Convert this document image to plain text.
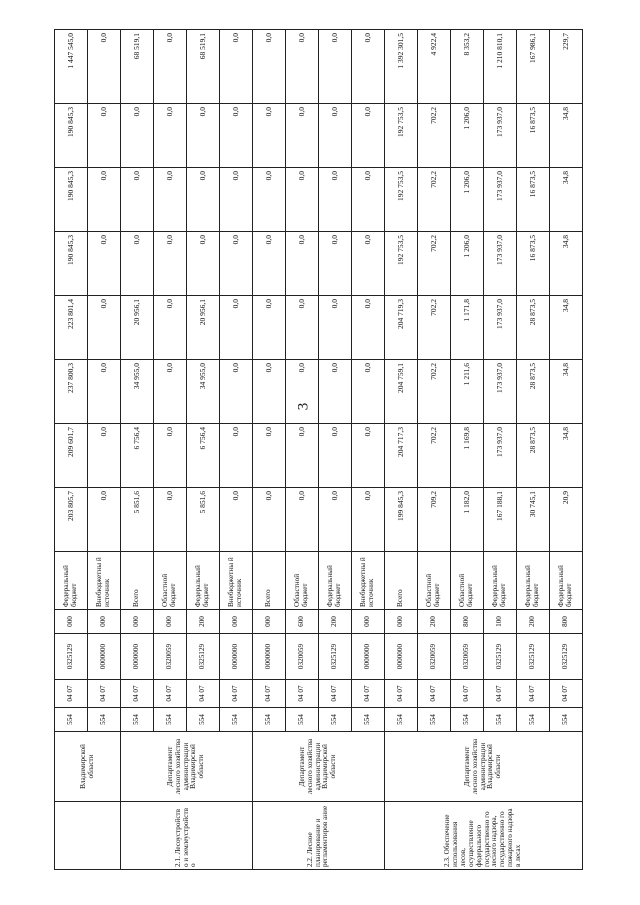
3
	Владимирской области	554	04 07	0325129	000	Федеральный бюджет	203 805,7	209 601,7	237 800,3	223 801,4	190 845,3	190 845,3	190 845,3	1 447 545,0
		554	04 07	0000000	000	Внебюджетны й источник	0,0	0,0	0,0	0,0	0,0	0,0	0,0	0,0
2.1. Лесоустройств о и землеустройств о	Департамент лесного хозяйства администрации Владимирской области	554	04 07	0000000	000	Всего	5 851,6	6 756,4	34 955,0	20 956,1	0,0	0,0	0,0	68 519,1
		554	04 07	0320059	000	Областной бюджет	0,0	0,0	0,0	0,0	0,0	0,0	0,0	0,0
		554	04 07	0325129	200	Федеральный бюджет	5 851,6	6 756,4	34 955,0	20 956,1	0,0	0,0	0,0	68 519,1
		554	04 07	0000000	000	Внебюджетны й источник	0,0	0,0	0,0	0,0	0,0	0,0	0,0	0,0
2.2. Лесное планирование и регламентиров ание	Департамент лесного хозяйства администрации Владимирской области	554	04 07	0000000	000	Всего	0,0	0,0	0,0	0,0	0,0	0,0	0,0	0,0
		554	04 07	0320059	600	Областной бюджет	0,0	0,0	0,0	0,0	0,0	0,0	0,0	0,0
		554	04 07	0325129	200	Федеральный бюджет	0,0	0,0	0,0	0,0	0,0	0,0	0,0	0,0
		554	04 07	0000000	000	Внебюджетны й источник	0,0	0,0	0,0	0,0	0,0	0,0	0,0	0,0
2.3. Обеспечение использования лесов, осуществление федерального государственно го лесного надзора, государственно го пожарного надзора в лесах	Департамент лесного хозяйства администрации Владимирской области	554	04 07	0000000	000	Всего	199 845,3	204 717,3	204 759,1	204 719,3	192 753,5	192 753,5	192 753,5	1 392 301,5
		554	04 07	0320059	200	Областной бюджет	709,2	702,2	702,2	702,2	702,2	702,2	702,2	4 922,4
		554	04 07	0320059	800	Областной бюджет	1 182,0	1 169,8	1 211,6	1 171,8	1 206,0	1 206,0	1 206,0	8 353,2
		554	04 07	0325129	100	Федеральный бюджет	167 188,1	173 937,0	173 937,0	173 937,0	173 937,0	173 937,0	173 937,0	1 210 810,1
		554	04 07	0325129	200	Федеральный бюджет	30 745,1	28 873,5	28 873,5	28 873,5	16 873,5	16 873,5	16 873,5	167 986,1
		554	04 07	0325129	800	Федеральный бюджет	20,9	34,8	34,8	34,8	34,8	34,8	34,8	229,7
